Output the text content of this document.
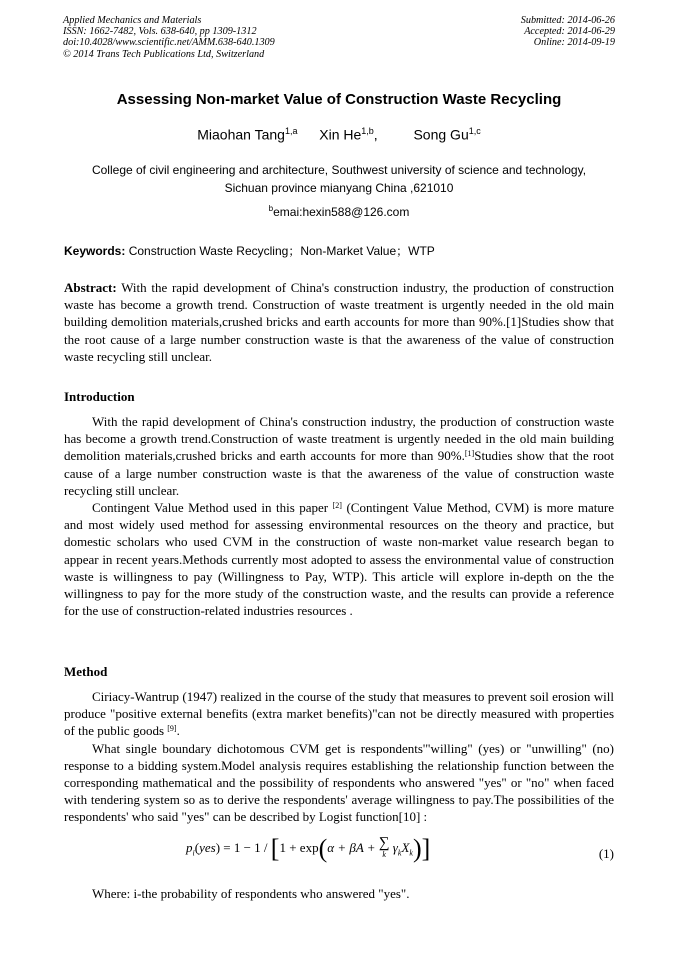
Applied Mechanics and Materials
ISSN: 1662-7482, Vols. 638-640, pp 1309-1312
doi:10.4028/www.scientific.net/AMM.638-640.1309
© 2014 Trans Tech Publications Ltd, Switzerland
Submitted: 2014-06-26
Accepted: 2014-06-29
Online: 2014-09-19
Assessing Non-market Value of Construction Waste Recycling
Miaohan Tang$^{1,a}$ Xin He$^{1,b}$,	Song Gu$^{1,c}$
College of civil engineering and architecture, Southwest university of science and technology,
Sichuan province mianyang China ,621010
$^b$emai:hexin588@126.com
Keywords: Construction Waste Recycling；Non-Market Value；WTP

Abstract: With the rapid development of China's construction industry, the production of construction waste has become a growth trend. Construction of waste treatment is urgently needed in the old main building demolition materials,crushed bricks and earth accounts for more than 90%.[1]Studies show that the root cause of a large number construction waste is that the awareness of the value of construction waste recycling still unclear.

Introduction

With the rapid development of China's construction industry, the production of construction waste has become a growth trend.Construction of waste treatment is urgently needed in the old main building demolition materials,crushed bricks and earth accounts for more than 90%.[1]Studies show that the root cause of a large number construction waste is that the awareness of the value of construction waste recycling still unclear.

Contingent Value Method used in this paper [2] (Contingent Value Method, CVM) is more mature and most widely used method for assessing environmental resources on the theory and practice, but domestic scholars who used CVM in the construction of waste non-market value research began to appear in recent years.Methods currently most adopted to assess the environmental value of construction waste is willingness to pay (Willingness to Pay, WTP). This article will explore in-depth on the the willingness to pay for the more study of the construction waste, and the results can provide a reference for the use of construction-related industries resources .

Method

Ciriacy-Wantrup (1947) realized in the course of the study that measures to prevent soil erosion will produce "positive external benefits (extra market benefits)"can not be directly measured with properties of the public goods [9].

What single boundary dichotomous CVM get is respondents'"willing" (yes) or "unwilling" (no) response to a bidding system.Model analysis requires establishing the relationship function between the corresponding mathematical and the possibility of respondents who answered "yes" or "no" when faced with tendering system so as to derive the respondents' average willingness to pay.The possibilities of the respondents' who said "yes" can be described by Logist function[10] :

$p_i(yes) = 1 - 1 / [1 + \exp(\alpha + \beta A$ + ∑
k $\gamma_kX_k$)]	(1)

Where: i-the probability of respondents who answered "yes".
